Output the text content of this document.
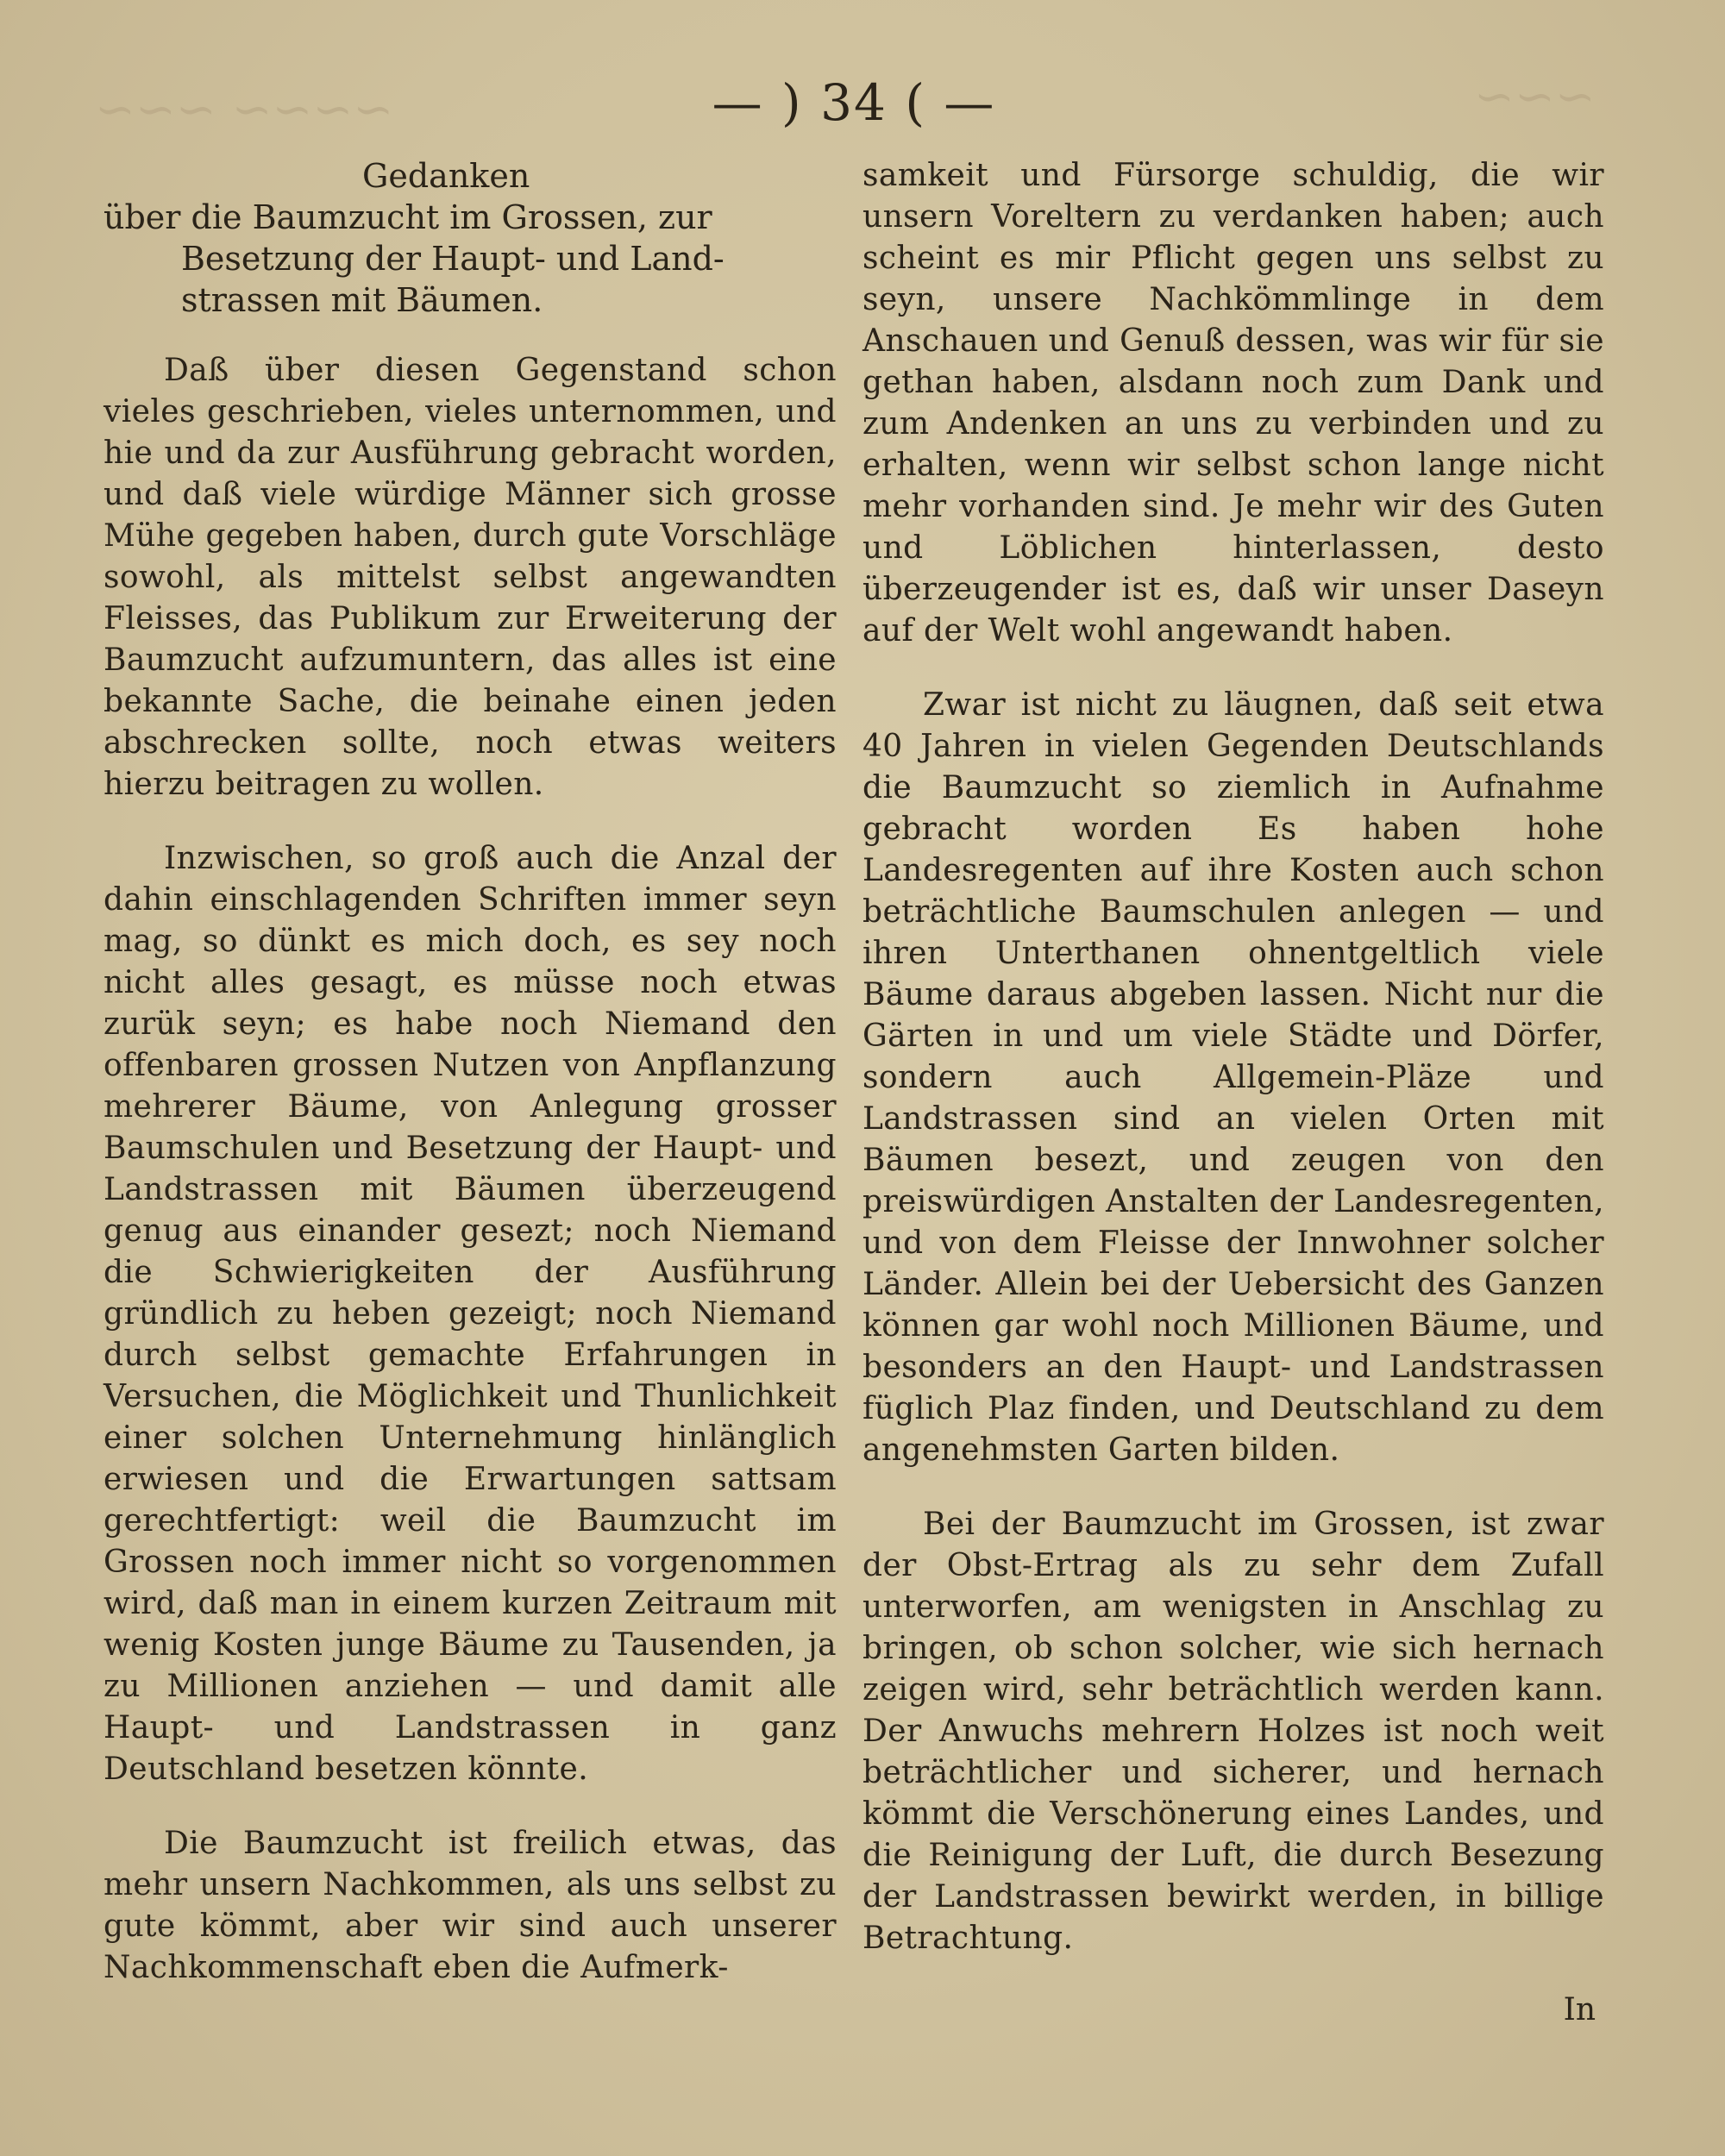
~~~~ ~~~	~~~
— ) 34 ( —
Gedanken
über die Baumzucht im Grossen, zur
Besetzung der Haupt- und Land-
strassen mit Bäumen.

Daß über diesen Gegenstand schon vieles geschrieben, vieles unternommen, und hie und da zur Ausführung gebracht worden, und daß viele würdige Männer sich grosse Mühe gegeben haben, durch gute Vorschläge sowohl, als mittelst selbst angewandten Fleisses, das Publikum zur Erweiterung der Baumzucht aufzumuntern, das alles ist eine bekannte Sache, die beinahe einen jeden abschrecken sollte, noch etwas weiters hierzu beitragen zu wollen.

Inzwischen, so groß auch die Anzal der dahin einschlagenden Schriften immer seyn mag, so dünkt es mich doch, es sey noch nicht alles gesagt, es müsse noch etwas zurük seyn; es habe noch Niemand den offenbaren grossen Nutzen von Anpflanzung mehrerer Bäume, von Anlegung grosser Baumschulen und Besetzung der Haupt- und Landstrassen mit Bäumen überzeugend genug aus einander gesezt; noch Niemand die Schwierigkeiten der Ausführung gründlich zu heben gezeigt; noch Niemand durch selbst gemachte Erfahrungen in Versuchen, die Möglichkeit und Thunlichkeit einer solchen Unternehmung hinlänglich erwiesen und die Erwartungen sattsam gerechtfertigt: weil die Baumzucht im Grossen noch immer nicht so vorgenommen wird, daß man in einem kurzen Zeitraum mit wenig Kosten junge Bäume zu Tausenden, ja zu Millionen anziehen — und damit alle Haupt- und Landstrassen in ganz Deutschland besetzen könnte.

Die Baumzucht ist freilich etwas, das mehr unsern Nachkommen, als uns selbst zu gute kömmt, aber wir sind auch unserer Nachkommenschaft eben die Aufmerk-

samkeit und Fürsorge schuldig, die wir unsern Voreltern zu verdanken haben; auch scheint es mir Pflicht gegen uns selbst zu seyn, unsere Nachkömmlinge in dem Anschauen und Genuß dessen, was wir für sie gethan haben, alsdann noch zum Dank und zum Andenken an uns zu verbinden und zu erhalten, wenn wir selbst schon lange nicht mehr vorhanden sind. Je mehr wir des Guten und Löblichen hinterlassen, desto überzeugender ist es, daß wir unser Daseyn auf der Welt wohl angewandt haben.

Zwar ist nicht zu läugnen, daß seit etwa 40 Jahren in vielen Gegenden Deutschlands die Baumzucht so ziemlich in Aufnahme gebracht worden Es haben hohe Landesregenten auf ihre Kosten auch schon beträchtliche Baumschulen anlegen — und ihren Unterthanen ohnentgeltlich viele Bäume daraus abgeben lassen. Nicht nur die Gärten in und um viele Städte und Dörfer, sondern auch Allgemein-Pläze und Landstrassen sind an vielen Orten mit Bäumen besezt, und zeugen von den preiswürdigen Anstalten der Landesregenten, und von dem Fleisse der Innwohner solcher Länder. Allein bei der Uebersicht des Ganzen können gar wohl noch Millionen Bäume, und besonders an den Haupt- und Landstrassen füglich Plaz finden, und Deutschland zu dem angenehmsten Garten bilden.

Bei der Baumzucht im Grossen, ist zwar der Obst-Ertrag als zu sehr dem Zufall unterworfen, am wenigsten in Anschlag zu bringen, ob schon solcher, wie sich hernach zeigen wird, sehr beträchtlich werden kann. Der Anwuchs mehrern Holzes ist noch weit beträchtlicher und sicherer, und hernach kömmt die Verschönerung eines Landes, und die Reinigung der Luft, die durch Besezung der Landstrassen bewirkt werden, in billige Betrachtung.

In
